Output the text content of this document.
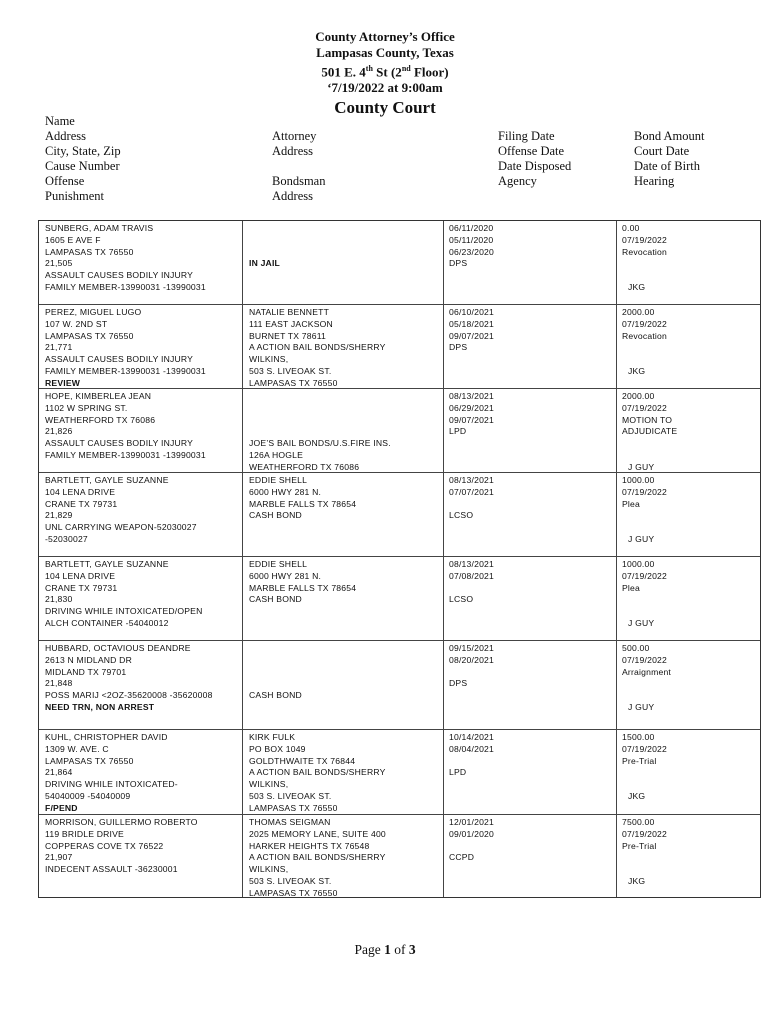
County Attorney’s Office
Lampasas County, Texas
501 E. 4th St (2nd Floor)
‘7/19/2022 at 9:00am
County Court
Name
Address
City, State, Zip
Cause Number
Offense
Punishment
Attorney
Address

Bondsman
Address
Filing Date
Offense Date
Date Disposed
Agency
Bond Amount
Court Date
Date of Birth
Hearing
SUNBERG, ADAM TRAVIS
1605 E AVE F
LAMPASAS TX 76550
21,505
ASSAULT CAUSES BODILY INJURY
FAMILY MEMBER-13990031 -13990031
IN JAIL
06/11/2020
05/11/2020
06/23/2020
DPS
0.00
07/19/2022
Revocation
JKG
PEREZ, MIGUEL LUGO
107 W. 2ND ST
LAMPASAS TX 76550
21,771
ASSAULT CAUSES BODILY INJURY
FAMILY MEMBER-13990031 -13990031
REVIEW
NATALIE BENNETT
111 EAST JACKSON
BURNET TX 78611
A ACTION BAIL BONDS/SHERRY
WILKINS,
503 S. LIVEOAK ST.
LAMPASAS TX 76550
06/10/2021
05/18/2021
09/07/2021
DPS
2000.00
07/19/2022
Revocation
JKG
HOPE, KIMBERLEA JEAN
1102 W SPRING ST.
WEATHERFORD TX 76086
21,826
ASSAULT CAUSES BODILY INJURY
FAMILY MEMBER-13990031 -13990031
JOE’S BAIL BONDS/U.S.FIRE INS.
126A HOGLE
WEATHERFORD TX 76086
08/13/2021
06/29/2021
09/07/2021
LPD
2000.00
07/19/2022
MOTION TO
ADJUDICATE
J GUY
BARTLETT, GAYLE SUZANNE
104 LENA DRIVE
CRANE TX 79731
21,829
UNL CARRYING WEAPON-52030027
-52030027
EDDIE SHELL
6000 HWY 281 N.
MARBLE FALLS TX 78654
CASH BOND
08/13/2021
07/07/2021
LCSO
1000.00
07/19/2022
Plea
J GUY
BARTLETT, GAYLE SUZANNE
104 LENA DRIVE
CRANE TX 79731
21,830
DRIVING WHILE INTOXICATED/OPEN
ALCH CONTAINER -54040012
EDDIE SHELL
6000 HWY 281 N.
MARBLE FALLS TX 78654
CASH BOND
08/13/2021
07/08/2021
LCSO
1000.00
07/19/2022
Plea
J GUY
HUBBARD, OCTAVIOUS DEANDRE
2613 N MIDLAND DR
MIDLAND TX 79701
21,848
POSS MARIJ <2OZ-35620008 -35620008
NEED TRN, NON ARREST
CASH BOND
09/15/2021
08/20/2021
DPS
500.00
07/19/2022
Arraignment
J GUY
KUHL, CHRISTOPHER DAVID
1309 W. AVE. C
LAMPASAS TX 76550
21,864
DRIVING WHILE INTOXICATED-
54040009 -54040009
F/PEND
KIRK FULK
PO BOX 1049
GOLDTHWAITE TX 76844
A ACTION BAIL BONDS/SHERRY
WILKINS,
503 S. LIVEOAK ST.
LAMPASAS TX 76550
10/14/2021
08/04/2021
LPD
1500.00
07/19/2022
Pre-Trial
JKG
MORRISON, GUILLERMO ROBERTO
119 BRIDLE DRIVE
COPPERAS COVE TX 76522
21,907
INDECENT ASSAULT -36230001
THOMAS SEIGMAN
2025 MEMORY LANE, SUITE 400
HARKER HEIGHTS TX 76548
A ACTION BAIL BONDS/SHERRY
WILKINS,
503 S. LIVEOAK ST.
LAMPASAS TX 76550
12/01/2021
09/01/2020
CCPD
7500.00
07/19/2022
Pre-Trial
JKG
Page 1 of 3
